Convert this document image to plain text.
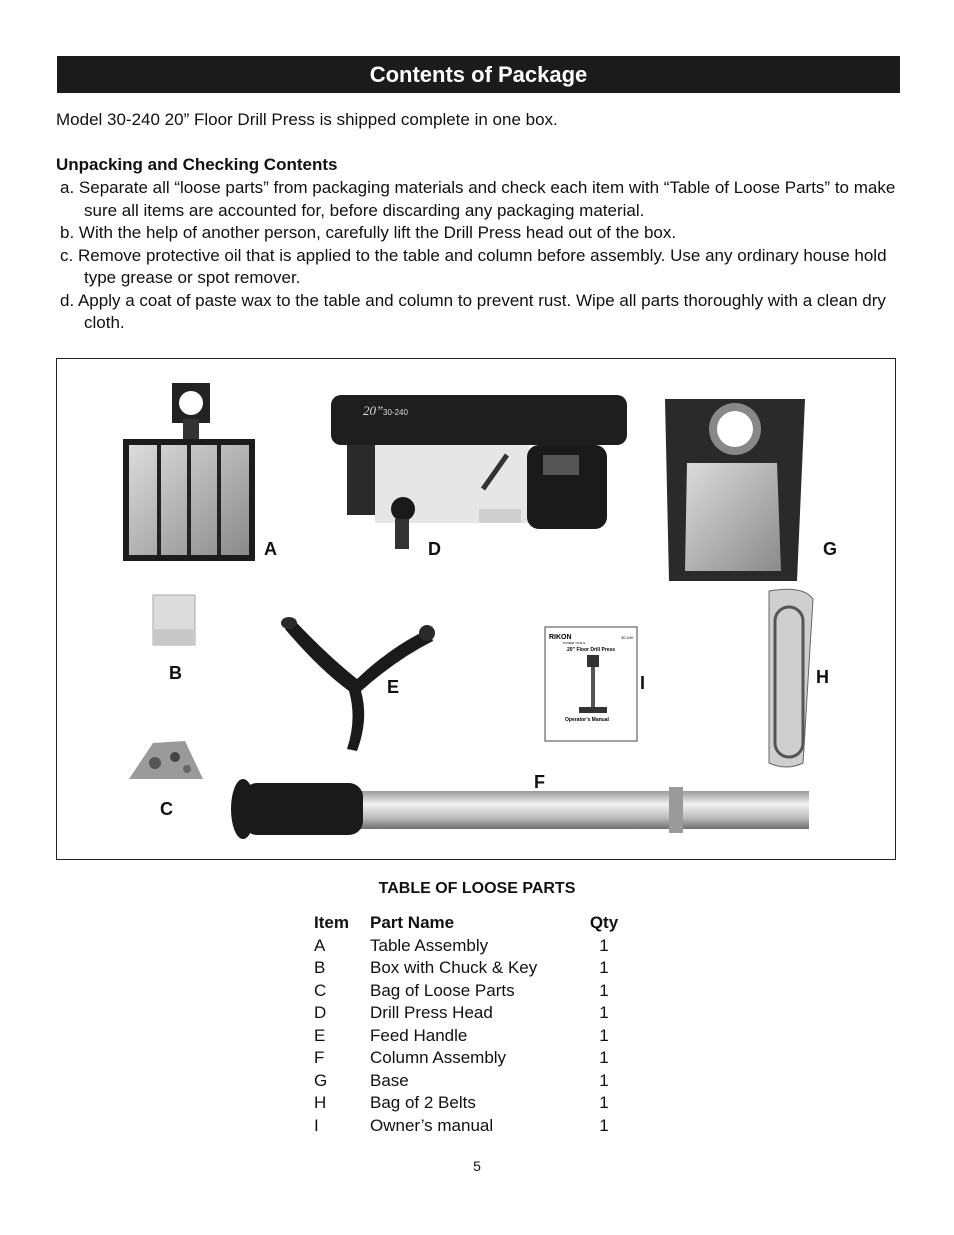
Contents of Package
Model 30-240 20” Floor Drill Press is shipped complete in one box.
Unpacking and Checking Contents
a. Separate all “loose parts” from packaging materials and check each item with “Table of Loose Parts” to make sure all items are accounted for, before discarding any packaging material.
b. With the help of another person, carefully lift the Drill Press head out of the box.
c. Remove protective oil that is applied to the table and column before assembly. Use any ordinary house hold type grease or spot remover.
d. Apply a coat of paste wax to the table and column to prevent rust. Wipe all parts thoroughly with a clean dry cloth.
20” 30-240
RIKON
POWER TOOLS
30-240
20” Floor Drill Press
Operator’s Manual
A	D	G
B
E	I	H
F
C
TABLE OF LOOSE PARTS
Item	Part Name	Qty
A	Table Assembly	1
B	Box with Chuck & Key	1
C	Bag of Loose Parts	1
D	Drill Press Head	1
E	Feed Handle	1
F	Column Assembly	1
G	Base	1
H	Bag of 2 Belts	1
I	Owner’s manual	1
5
